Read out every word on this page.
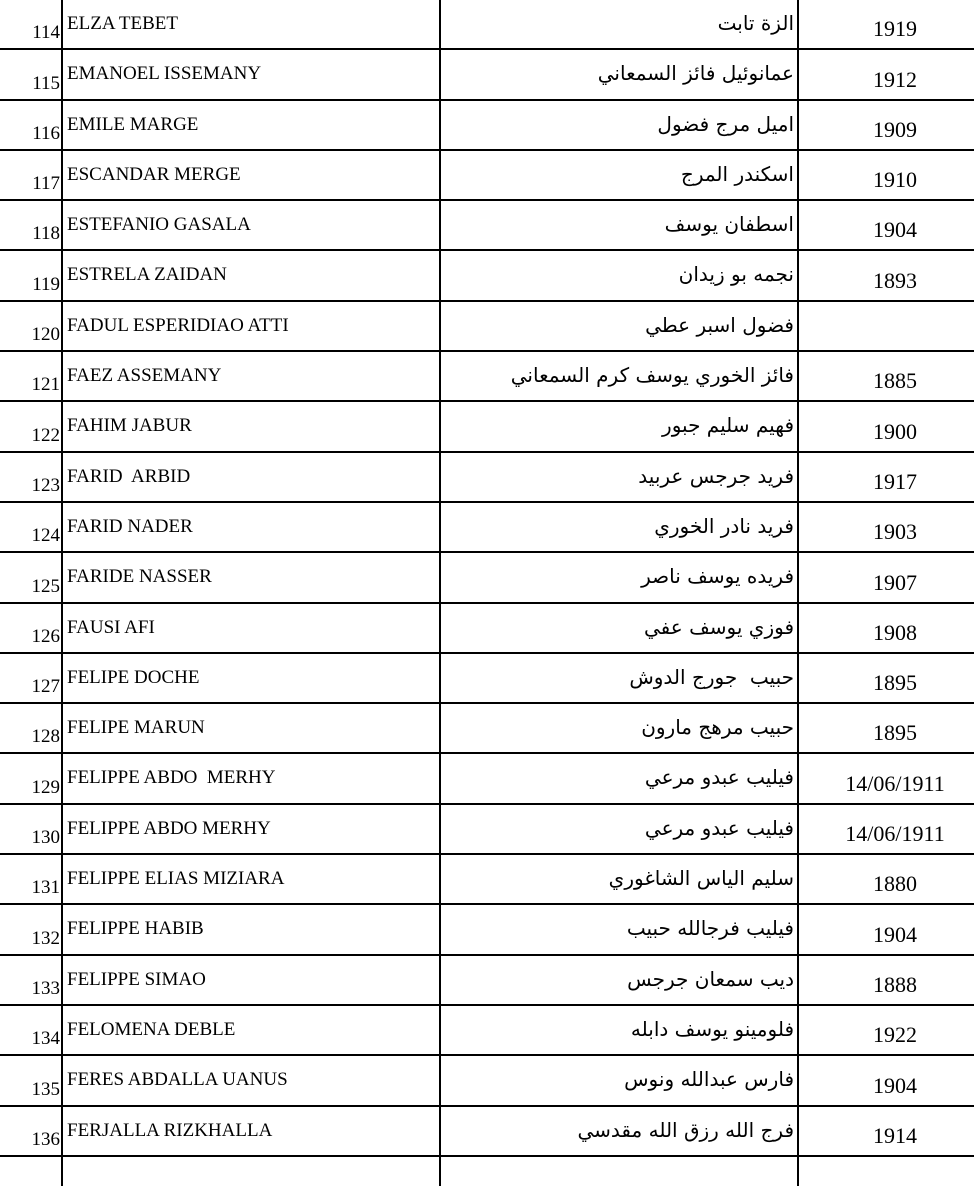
114 ELZA TEBET	الزة تابت	1919
115 EMANOEL ISSEMANY	عمانوئيل فائز السمعاني	1912
116 EMILE MARGE	اميل مرج فضول	1909
117 ESCANDAR MERGE	اسكندر المرج	1910
118 ESTEFANIO GASALA	اسطفان يوسف	1904
119 ESTRELA ZAIDAN	نجمه بو زيدان	1893
120 FADUL ESPERIDIAO ATTI	فضول اسبر عطي
121 FAEZ ASSEMANY	فائز الخوري يوسف كرم السمعاني	1885
122 FAHIM JABUR	فهيم سليم جبور	1900
123 FARID  ARBID	فريد جرجس عربيد	1917
124 FARID NADER	فريد نادر الخوري	1903
125 FARIDE NASSER	فريده يوسف ناصر	1907
126 FAUSI AFI	فوزي يوسف عفي	1908
127 FELIPE DOCHE	حبيب  جورج الدوش	1895
128 FELIPE MARUN	حبيب مرهج مارون	1895
129 FELIPPE ABDO  MERHY	فيليب عبدو مرعي	14/06/1911
130 FELIPPE ABDO MERHY	فيليب عبدو مرعي	14/06/1911
131 FELIPPE ELIAS MIZIARA	سليم الياس الشاغوري	1880
132 FELIPPE HABIB	فيليب فرجالله حبيب	1904
133 FELIPPE SIMAO	ديب سمعان جرجس	1888
134 FELOMENA DEBLE	فلومينو يوسف دابله	1922
135 FERES ABDALLA UANUS	فارس عبدالله ونوس	1904
136 FERJALLA RIZKHALLA	فرج الله رزق الله مقدسي	1914
